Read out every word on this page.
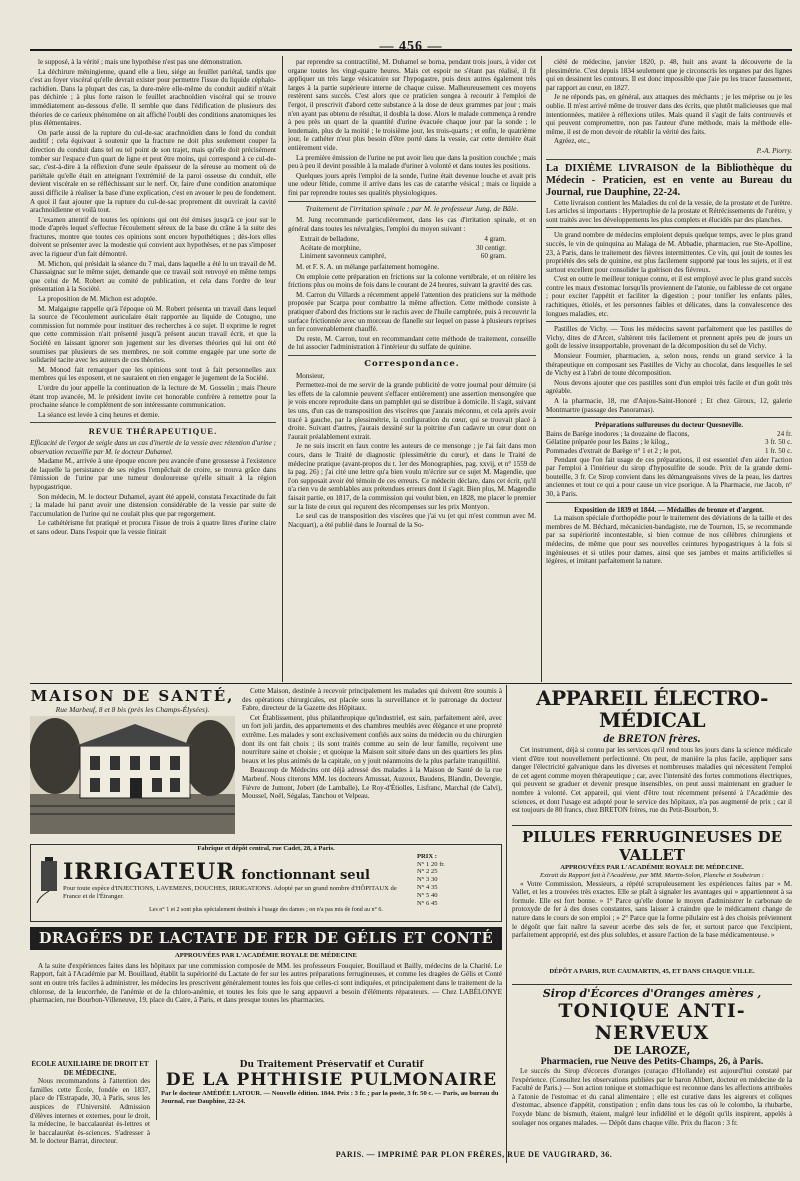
— 456 —

le supposé, à la vérité ; mais une hypothèse n'est pas une démonstration.

La déchirure méningienne, quand elle a lieu, siége au feuillet pariétal, tandis que c'est au foyer viscéral qu'elle devrait exister pour permettre l'issue du liquide céphalo-rachidien. Dans la plupart des cas, la dure-mère elle-même du conduit auditif n'était pas déchirée ; à plus forte raison le feuillet arachnoïdien viscéral qui se trouve immédiatement au-dessous d'elle. Il semble que dans l'édification de plusieurs des théories de ce carieux phénomène on ait affiché l'oubli des conditions anatomiques les plus élémentaires.

On parle aussi de la rupture du cul-de-sac arachnoïdien dans le fond du conduit auditif ; cela équivaut à soutenir que la fracture ne doit plus seulement couper la direction du conduit dans tel ou tel point de son trajet, mais qu'elle doit précisément tomber sur l'espace d'un quart de ligne et peut être moins, qui correspond à ce cul-de-sac, c'est-à-dire à la réflexion d'une seule épaisseur de la séreuse au moment où de pariétale qu'elle était en atteignant l'extrémité de la paroi osseuse du conduit, elle devient viscérale en se réfléchissant sur le nerf. Or, faire d'une condition anatomique aussi difficile à réaliser la base d'une explication, c'est en avouer le peu de fondement. A quoi il faut ajouter que la rupture du cul-de-sac proprement dit ouvrirait la cavité arachnoïdienne et voilà tout.

L'examen attentif de toutes les opinions qui ont été émises jusqu'à ce jour sur le mode d'après lequel s'effectue l'écoulement séreux de la base du crâne à la suite des fractures, montre que toutes ces opinions sont encore hypothétiques ; dès-lors elles doivent se présenter avec la modestie qui convient aux hypothèses, et ne pas s'imposer avec la rigueur d'un fait démontré.

M. Michon, qui présidait la séance du 7 mai, dans laquelle a été lu un travail de M. Chassaignac sur le même sujet, demande que ce travail soit renvoyé en même temps que celui de M. Robert au comité de publication, et cela dans l'ordre de leur présentation à la Société.

La proposition de M. Michon est adoptée.

M. Malgaigne rappelle qu'à l'époque où M. Robert présenta un travail dans lequel la source de l'écoulement auriculaire était rapportée au liquide de Cotugno, une commission fut nommée pour instituer des recherches à ce sujet. Il exprime le regret que cette commission n'ait présenté jusqu'à présent aucun travail écrit, et que la Société en laissant ignorer son jugement sur les diverses théories qui lui ont été soumises par plusieurs de ses membres, ne soit comme engagée par une sorte de solidarité tacite avec les auteurs de ces théories.

M. Monod fait remarquer que les opinions sont tout à fait personnelles aux membres qui les exposent, et ne sauraient en rien engager le jugement de la Société.

L'ordre du jour appelle la continuation de la lecture de M. Gosselin ; mais l'heure étant trop avancée, M. le président invite cet honorable confrère à remettre pour la prochaine séance le complément de son intéressante communication.

La séance est levée à cinq heures et demie.

REVUE THÉRAPEUTIQUE.

Efficacité de l'ergot de seigle dans un cas d'inertie de la vessie avec rétention d'urine ; observation recueillie par M. le docteur Duhamel.

Madame M., arrivée à une époque encore peu avancée d'une grossesse à l'existence de laquelle la persistance de ses règles l'empêchait de croire, se trouva grâce dans l'émission de l'urine par une tumeur douloureuse qu'elle situait à la région hypogastrique.

Son médecin, M. le docteur Duhamel, ayant été appelé, constata l'exactitude du fait ; la malade lui parut avoir une distension considérable de la vessie par suite de l'accumulation de l'urine qui ne coulait plus que par regorgement.

Le cathétérisme fut pratiqué et procura l'issue de trois à quatre litres d'urine claire et sans odeur. Dans l'espoir que la vessie finirait

par reprendre sa contractilité, M. Duhamel se borna, pendant trois jours, à vider cet organe toutes les vingt-quatre heures. Mais cet espoir ne s'étant pas réalisé, il fit appliquer un très large vésicatoire sur l'hypogastre, puis deux autres également très larges à la partie supérieure interne de chaque cuisse. Malheureusement ces moyens restèrent sans succès. C'est alors que ce praticien songea à recourir à l'emploi de l'ergot, il prescrivit d'abord cette substance à la dose de deux grammes par jour ; mais n'en ayant pas obtenu de résultat, il doubla la dose. Alors le malade commença à rendre à peu près un quart de la quantité d'urine évacuée chaque jour par la sonde ; le lendemain, plus de la moitié ; le troisième jour, les trois-quarts ; et enfin, le quatrième jour, le cathéter n'eut plus besoin d'être porté dans la vessie, car cette dernière était entièrement vide.

La première émission de l'urine ne put avoir lieu que dans la position couchée ; mais peu à peu il devint possible à la malade d'uriner à volonté et dans toutes les positions.

Quelques jours après l'emploi de la sonde, l'urine était devenue louche et avait pris une odeur fétide, comme il arrive dans les cas de catarrhe vésical ; mais ce liquide a fini par reprendre toutes ses qualités physiologiques.

Traitement de l'irritation spinale ; par M. le professeur Jung, de Bâle.

M. Jung recommande particulièrement, dans les cas d'irritation spinale, et en général dans toutes les névralgies, l'emploi du moyen suivant :

Extrait de belladone,	4 gram.
Acétate de morphine,	30 centigr.
Liniment savonneux camphré,	60 gram.

M. et F. S. A. un mélange parfaitement homogène.

On emploie cette préparation en frictions sur la colonne vertébrale, et on réitère les frictions plus ou moins de fois dans le courant de 24 heures, suivant la gravité des cas.

M. Carron du Villards a récemment appelé l'attention des praticiens sur la méthode proposée par Scarpa pour combattre la même affection. Cette méthode consiste à pratiquer d'abord des frictions sur le rachis avec de l'huile camphrée, puis à recouvrir la surface frictionnée avec un morceau de flanelle sur lequel on passe à plusieurs reprises un fer convenablement chauffé.

Du reste, M. Carron, tout en recommandant cette méthode de traitement, conseille de lui associer l'administration à l'intérieur du sulfate de quinine.

Correspondance.

Monsieur,

Permettez-moi de me servir de la grande publicité de votre journal pour détruire (si les effets de la calomnie peuvent s'effacer entièrement) une assertion mensongère que je vois encore reproduite dans un pamphlet qui se distribue à domicile. Il s'agit, suivant les uns, d'un cas de transposition des viscères que j'aurais méconnu, et cela après avoir tracé à gauche, par la plessimétrie, la configuration du cœur, qui se trouvait placé à droite. Suivant d'autres, j'aurais dessiné sur la poitrine d'un cadavre un cœur dont on l'aurait préalablement extrait.

Je ne suis inscrit en faux contre les auteurs de ce mensonge ; je l'ai fait dans mon cours, dans le Traité de diagnostic (plessimétrie du cœur), et dans le Traité de médecine pratique (avant-propos du t. 1er des Monographies, pag. xxvij, et n° 1559 de la pag. 26) ; j'ai cité une lettre qu'a bien voulu m'écrire sur ce sujet M. Magendie, que l'on supposait avoir été témoin de ces erreurs. Ce médecin déclare, dans cet écrit, qu'il n'a rien vu de semblables aux prétendues erreurs dont il s'agit. Bien plus, M. Magendie faisait partie, en 1817, de la commission qui voulut bien, en 1828, me placer le premier sur la liste de ceux qui reçurent des récompenses sur les prix Montyon.

Le seul cas de transposition des viscères que j'ai vu (et qui m'est commun avec M. Nacquart), a été publié dans le Journal de la So-

ciété de médecine, janvier 1820, p. 48, huit ans avant la découverte de la plessimétrie. C'est depuis 1834 seulement que je circonscris les organes par des lignes qui en dessinent les contours. Il est donc impossible que j'aie pu les tracer faussement, par rapport au cœur, en 1827.

Je ne réponds pas, en général, aux attaques des méchants ; je les méprise ou je les oublie. Il m'est arrivé même de trouver dans des écrits, que plutôt malicieuses que mal intentionnées, matière à réflexions utiles. Mais quand il s'agit de faits controuvés et qui peuvent compromettre, non pas l'auteur d'une méthode, mais la méthode elle-même, il est de mon devoir de rétablir la vérité des faits.

Agréez, etc.,

P.-A. Piorry.
La DIXIÈME LIVRAISON de la Bibliothèque du Médecin - Praticien, est en vente au Bureau du Journal, rue Dauphine, 22-24.

Cette livraison contient les Maladies du col de la vessie, de la prostate et de l'urètre. Les articles si importants : Hypertrophie de la prostate et Rétrécissements de l'urètre, y sont traités avec les développements les plus complets et élucidés par des planches.

Un grand nombre de médecins emploient depuis quelque temps, avec le plus grand succès, le vin de quinquina au Malaga de M. Abbadie, pharmacien, rue Ste-Apolline, 23, à Paris, dans le traitement des fièvres intermittentes. Ce vin, qui jouit de toutes les propriétés des sels de quinine, est plus facilement supporté par tous les sujets, et il est surtout excellent pour consolider la guérison des fiévreux.

C'est en outre le meilleur tonique connu, et il est employé avec le plus grand succès contre les maux d'estomac lorsqu'ils proviennent de l'atonie, ou faiblesse de cet organe ; pour exciter l'appétit et faciliter la digestion ; pour tonifier les enfants pâles, rachitiques, étiolés, et les personnes faibles et délicates, dans la convalescence des longues maladies, etc.

Pastilles de Vichy. — Tous les médecins savent parfaitement que les pastilles de Vichy, dites de d'Arcet, s'altèrent très facilement et prennent après peu de jours un goût de lessive insupportable, provenant de la décomposition du sel de Vichy.

Monsieur Fournier, pharmacien, a, selon nous, rendu un grand service à la thérapeutique en composant ses Pastilles de Vichy au chocolat, dans lesquelles le sel de Vichy est à l'abri de toute décomposition.

Nous devons ajouter que ces pastilles sont d'un emploi très facile et d'un goût très agréable.

A la pharmacie, 18, rue d'Anjou-Saint-Honoré ; Et chez Giroux, 12, galerie Montmartre (passage des Panoramas).

Préparations sulfureuses du docteur Quesneville.
Bains de Barège inodores ; la douzaine de flacons,	24 fr.
Gélatine préparée pour les Bains ; le kilog.,	3 fr. 50 c.
Pommades d'extrait de Barège n° 1 et 2 ; le pot,	1 fr. 50 c.

Pendant que l'on fait usage de ces préparations, il est essentiel d'en aider l'action par l'emploi à l'intérieur du sirop d'hyposulfite de soude. Prix de la grande demi-bouteille, 3 fr. Ce Sirop convient dans les démangeaisons vives de la peau, les dartres anciennes et tout ce qui a pour cause un vice psorique. A la Pharmacie, rue Jacob, n° 30, à Paris.

Exposition de 1839 et 1844. — Médailles de bronze et d'argent.

La maison spéciale d'orthopédie pour le traitement des déviations de la taille et des membres de M. Béchard, mécanicien-bandagiste, rue de Tournon, 15, se recommande par sa supériorité incontestable, si bien connue de nos célèbres chirurgiens et médecins, de même que pour ses nouvelles ceintures hypogastriques à la fois si ingénieuses et si utiles pour dames, ainsi que ses jambes et mains artificielles si légères, et imitant parfaitement la nature.

MAISON DE SANTÉ,
Rue Marbeuf, 8 et 8 bis (près les Champs-Élysées).

Cette Maison, destinée à recevoir principalement les malades qui doivent être soumis à des opérations chirurgicales, est placée sous la surveillance et le patronage du docteur Fabre, directeur de la Gazette des Hôpitaux.

Cet Établissement, plus philanthropique qu'industriel, est sain, parfaitement aéré, avec un fort joli jardin, des appartements et des chambres meublés avec élégance et une propreté extrême. Les malades y sont exclusivement confiés aux soins du médecin ou du chirurgien dont ils ont fait choix ; ils sont traités comme au sein de leur famille, reçoivent une nourriture saine et choisie ; et quoique la Maison soit située dans un des quartiers les plus beaux et les plus animés de la capitale, on y jouit néanmoins de la plus parfaite tranquillité.

Beaucoup de Médecins ont déjà adressé des malades à la Maison de Santé de la rue Marbeuf. Nous citerons MM. les docteurs Amussat, Auzoux, Baudens, Blandin, Devergie, Fièvre de Jumont, Jobert (de Lamballe), Le Roy-d'Étiolles, Lisfranc, Marchal (de Calvi), Moussel, Noël, Ségalas, Tanchou et Velpeau.

Fabrique et dépôt central, rue Cadet, 28, à Paris.
IRRIGATEUR fonctionnant seul
Pour toute espèce d'INJECTIONS, LAVEMENS, DOUCHES, IRRIGATIONS. Adopté par un grand nombre d'HÔPITAUX de France et de l'Étranger.
PRIX :
N° 1 20 fr.
N° 2 25
N° 3 30
N° 4 35
N° 5 40
N° 6 45
Les n° 1 et 2 sont plus spécialement destinés à l'usage des dames ; on n'a pas mis de fond au n° 6.
DRAGÉES DE LACTATE DE FER DE GÉLIS ET CONTÉ
APPROUVÉES PAR L'ACADÉMIE ROYALE DE MÉDECINE

A la suite d'expériences faites dans les hôpitaux par une commission composée de MM. les professeurs Fouquier, Bouillaud et Bailly, médecins de la Charité. Le Rapport, fait à l'Académie par M. Bouillaud, établit la supériorité du Lactate de fer sur les autres préparations ferrugineuses, et comme les dragées de Gélis et Conté sont en outre très faciles à administrer, les médecins les prescrivent généralement toutes les fois que celles-ci sont indiquées, et principalement dans le traitement de la chlorose, de la leucorrhée, de l'anémie et de la chloro-anémie, et toutes les fois que le sang appauvri a besoin d'éléments réparateurs. — Chez LABÉLONYE pharmacien, rue Bourbon-Villeneuve, 19, place du Caire, à Paris, et dans presque toutes les pharmacies.

ÉCOLE AUXILIAIRE DE DROIT ET DE MÉDECINE.

Nous recommandons à l'attention des familles cette École, fondée en 1837, place de l'Estrapade, 30, à Paris, sous les auspices de l'Université. Admission d'élèves internes et externes, pour le droit, la médecine, le baccalauréat ès-lettres et le baccalauréat ès-sciences. S'adresser à M. le docteur Barrat, directeur.

Du Traitement Préservatif et Curatif
DE LA PHTHISIE PULMONAIRE
Par le docteur AMÉDÉE LATOUR. — Nouvelle édition. 1844. Prix : 3 fr. ; par la poste, 3 fr. 50 c. — Paris, au bureau du Journal, rue Dauphine, 22-24.
APPAREIL ÉLECTRO-MÉDICAL
de BRETON frères.

Cet instrument, déjà si connu par les services qu'il rend tous les jours dans la science médicale vient d'être tout nouvellement perfectionné. On peut, de manière la plus facile, appliquer sans danger l'électricité galvanique dans les diverses et nombreuses maladies qui nécessitent l'emploi de cet agent comme moyen thérapeutique ; car, avec l'intensité des fortes commotions électriques, qui peuvent se graduer et devenir presque insensibles, on peut aussi maintenant en graduer le nombre à volonté. Cet appareil, qui vient d'être tout récemment présenté à l'Académie des sciences, et dont l'usage est adopté pour le service des hôpitaux, n'a pas augmenté de prix ; car il est toujours de 80 francs, chez BRETON frères, rue du Petit-Bourbon, 9.

PILULES FERRUGINEUSES DE VALLET
APPROUVÉES PAR L'ACADÉMIE ROYALE DE MÉDECINE.
Extrait du Rapport fait à l'Académie, par MM. Martin-Solon, Planche et Soubeiran :

« Votre Commission, Messieurs, a répété scrupuleusement les expériences faites par » M. Vallet, et les a trouvées très exactes. Elle se plaît à signaler les avantages qui » appartiennent à sa formule. Elle est fort bonne. » 1° Parce qu'elle donne le moyen d'administrer le carbonate de protoxyde de fer à des doses constantes, sans laisser à craindre que le médicament change de nature dans le cours de son emploi ; » 2° Parce que la forme pilulaire est à des choisis préviennent le dégoût que fait naître la saveur acerbe des sels de fer, et surtout parce que l'excipient, parfaitement approprié, est des plus solubles, et assure l'action de la base médicamenteuse. »

DÉPÔT A PARIS, RUE CAUMARTIN, 45, ET DANS CHAQUE VILLE.
Sirop d'Écorces d'Oranges amères ,
TONIQUE ANTI-NERVEUX
DE LAROZE,
Pharmacien, rue Neuve des Petits-Champs, 26, à Paris.

Le succès du Sirop d'écorces d'oranges (curaçao d'Hollande) est aujourd'hui constaté par l'expérience. (Consultez les observations publiées par le baron Alibert, docteur en médecine de la Faculté de Paris.) — Son action tonique et stomachique est reconnue dans les affections attribuées à l'atonie de l'estomac et du canal alimentaire ; elle est curative dans les aigreurs et coliques d'estomac, absence d'appétit, constipation ; enfin dans tous les cas où le colombo, la rhubarbe, l'oxyde blanc de bismuth, étaient, malgré leur infidélité et le dégoût qu'ils inspirent, appelés à soulager nos organes malades. — Dépôt dans chaque ville. Prix du flacon : 3 fr.

PARIS. — IMPRIMÉ PAR PLON FRÈRES, RUE DE VAUGIRARD, 36.
